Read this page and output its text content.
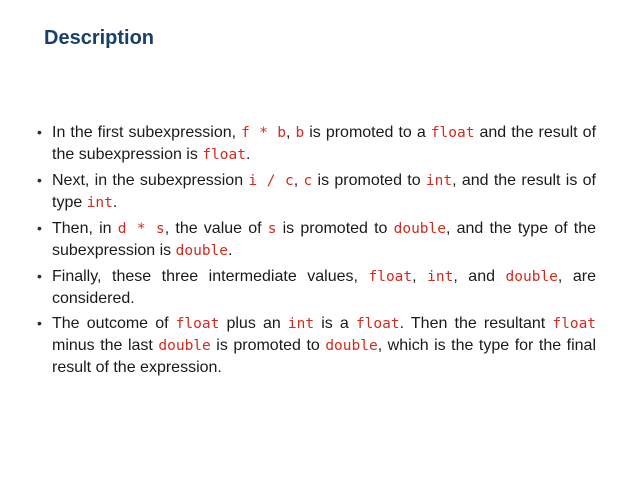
Description
• In the first subexpression, f * b, b is promoted to a float and the result of the subexpression is float.
• Next, in the subexpression i / c, c is promoted to int, and the result is of type int.
• Then, in d * s, the value of s is promoted to double, and the type of the subexpression is double.
• Finally, these three intermediate values, float, int, and double, are considered.
• The outcome of float plus an int is a float. Then the resultant float minus the last double is promoted to double, which is the type for the final result of the expression.
